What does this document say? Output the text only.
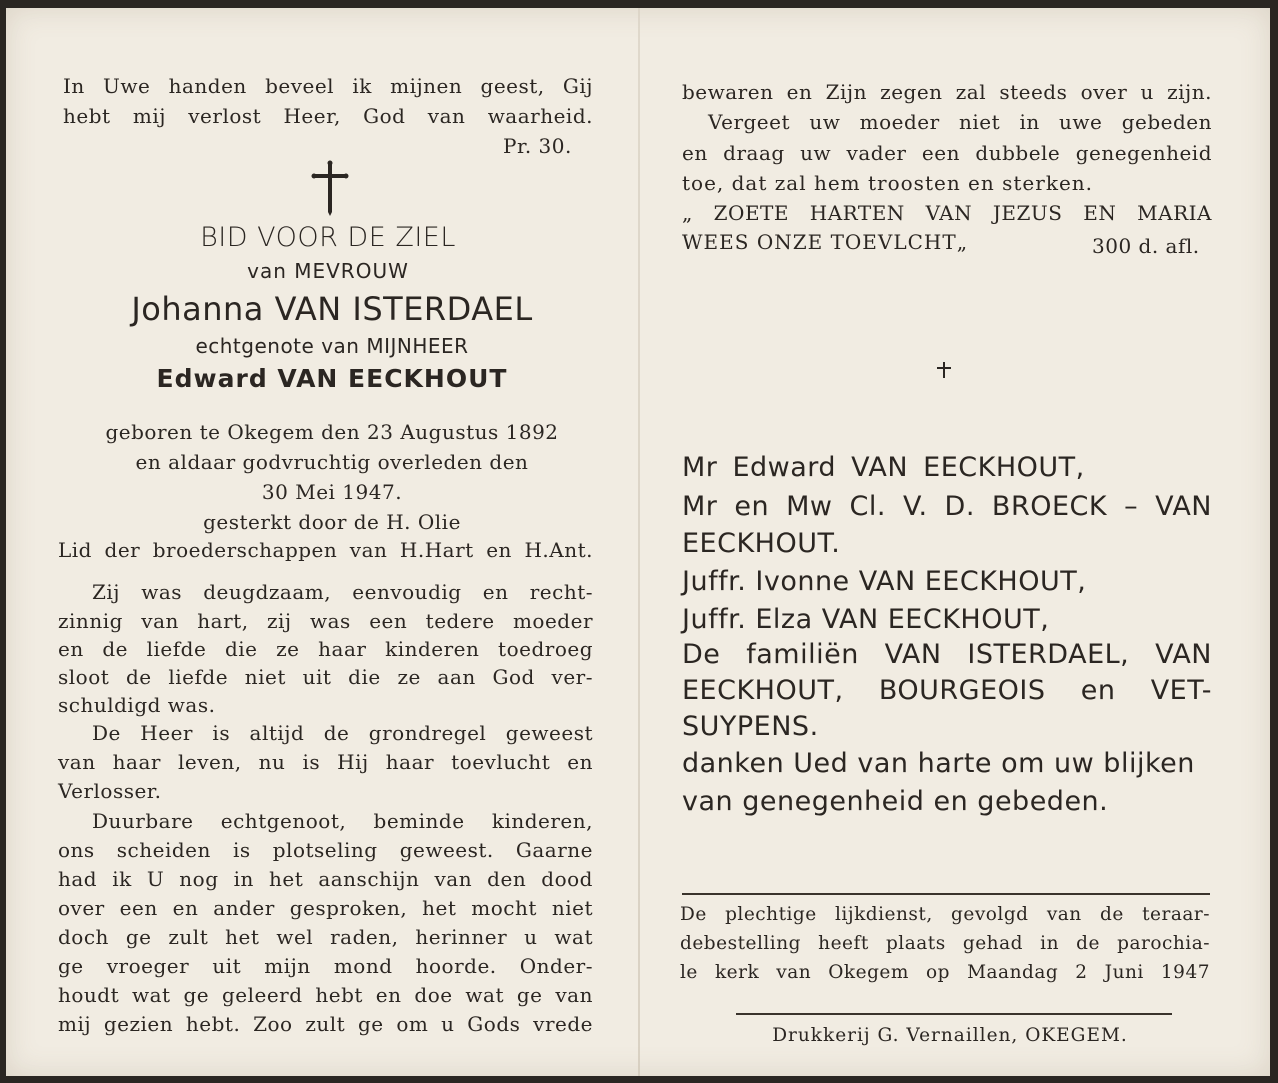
In Uwe handen beveel ik mijnen geest, Gij
hebt mij verlost Heer, God van waarheid.
Pr. 30.
BID VOOR DE ZIEL
van MEVROUW
Johanna VAN ISTERDAEL
echtgenote van MIJNHEER
Edward VAN EECKHOUT
geboren te Okegem den 23 Augustus 1892
en aldaar godvruchtig overleden den
30 Mei 1947.
gesterkt door de H. Olie
Lid der broederschappen van H.Hart en H.Ant.
Zij was deugdzaam, eenvoudig en recht-
zinnig van hart, zij was een tedere moeder
en de liefde die ze haar kinderen toedroeg
sloot de liefde niet uit die ze aan God ver-
schuldigd was.
De Heer is altijd de grondregel geweest
van haar leven, nu is Hij haar toevlucht en
Verlosser.
Duurbare echtgenoot, beminde kinderen,
ons scheiden is plotseling geweest. Gaarne
had ik U nog in het aanschijn van den dood
over een en ander gesproken, het mocht niet
doch ge zult het wel raden, herinner u wat
ge vroeger uit mijn mond hoorde. Onder-
houdt wat ge geleerd hebt en doe wat ge van
mij gezien hebt. Zoo zult ge om u Gods vrede
bewaren en Zijn zegen zal steeds over u zijn.
Vergeet uw moeder niet in uwe gebeden
en draag uw vader een dubbele genegenheid
toe, dat zal hem troosten en sterken.
„ ZOETE HARTEN VAN JEZUS EN MARIA
WEES ONZE TOEVLCHT„	300 d. afl.
Mr Edward VAN EECKHOUT,
Mr en Mw Cl. V. D. BROECK – VAN
EECKHOUT.
Juffr. Ivonne VAN EECKHOUT,
Juffr. Elza VAN EECKHOUT,
De familiën VAN ISTERDAEL, VAN
EECKHOUT, BOURGEOIS en VET-
SUYPENS.
danken Ued van harte om uw blijken
van genegenheid en gebeden.
De plechtige lijkdienst, gevolgd van de teraar-
debestelling heeft plaats gehad in de parochia-
le kerk van Okegem op Maandag 2 Juni 1947
Drukkerij G. Vernaillen, OKEGEM.
